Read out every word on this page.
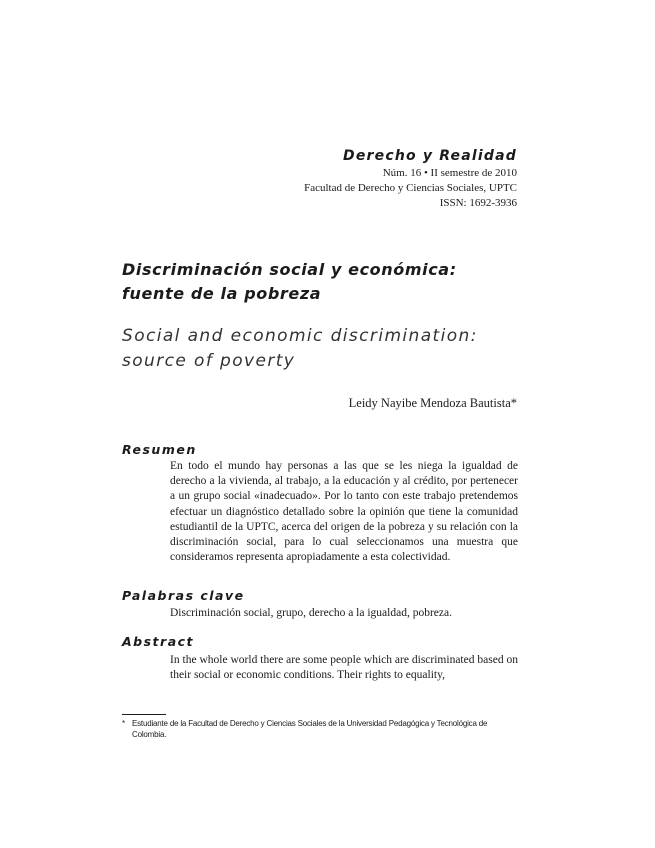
Derecho y Realidad
Núm. 16 • II semestre de 2010
Facultad de Derecho y Ciencias Sociales, UPTC
ISSN: 1692-3936
Discriminación social y económica: fuente de la pobreza
Social and economic discrimination: source of poverty
Leidy Nayibe Mendoza Bautista*
Resumen

En todo el mundo hay personas a las que se les niega la igualdad de derecho a la vivienda, al trabajo, a la educación y al crédito, por pertenecer a un grupo social «inadecuado». Por lo tanto con este trabajo pretendemos efectuar un diagnóstico detallado sobre la opinión que tiene la comunidad estudiantil de la UPTC, acerca del origen de la pobreza y su relación con la discriminación social, para lo cual seleccionamos una muestra que consideramos representa apropiadamente a esta colectividad.

Palabras clave

Discriminación social, grupo, derecho a la igualdad, pobreza.

Abstract

In the whole world there are some people which are discriminated based on their social or economic conditions. Their rights to equality,

* Estudiante de la Facultad de Derecho y Ciencias Sociales de la Universidad Pedagógica y Tecnológica de Colombia.
